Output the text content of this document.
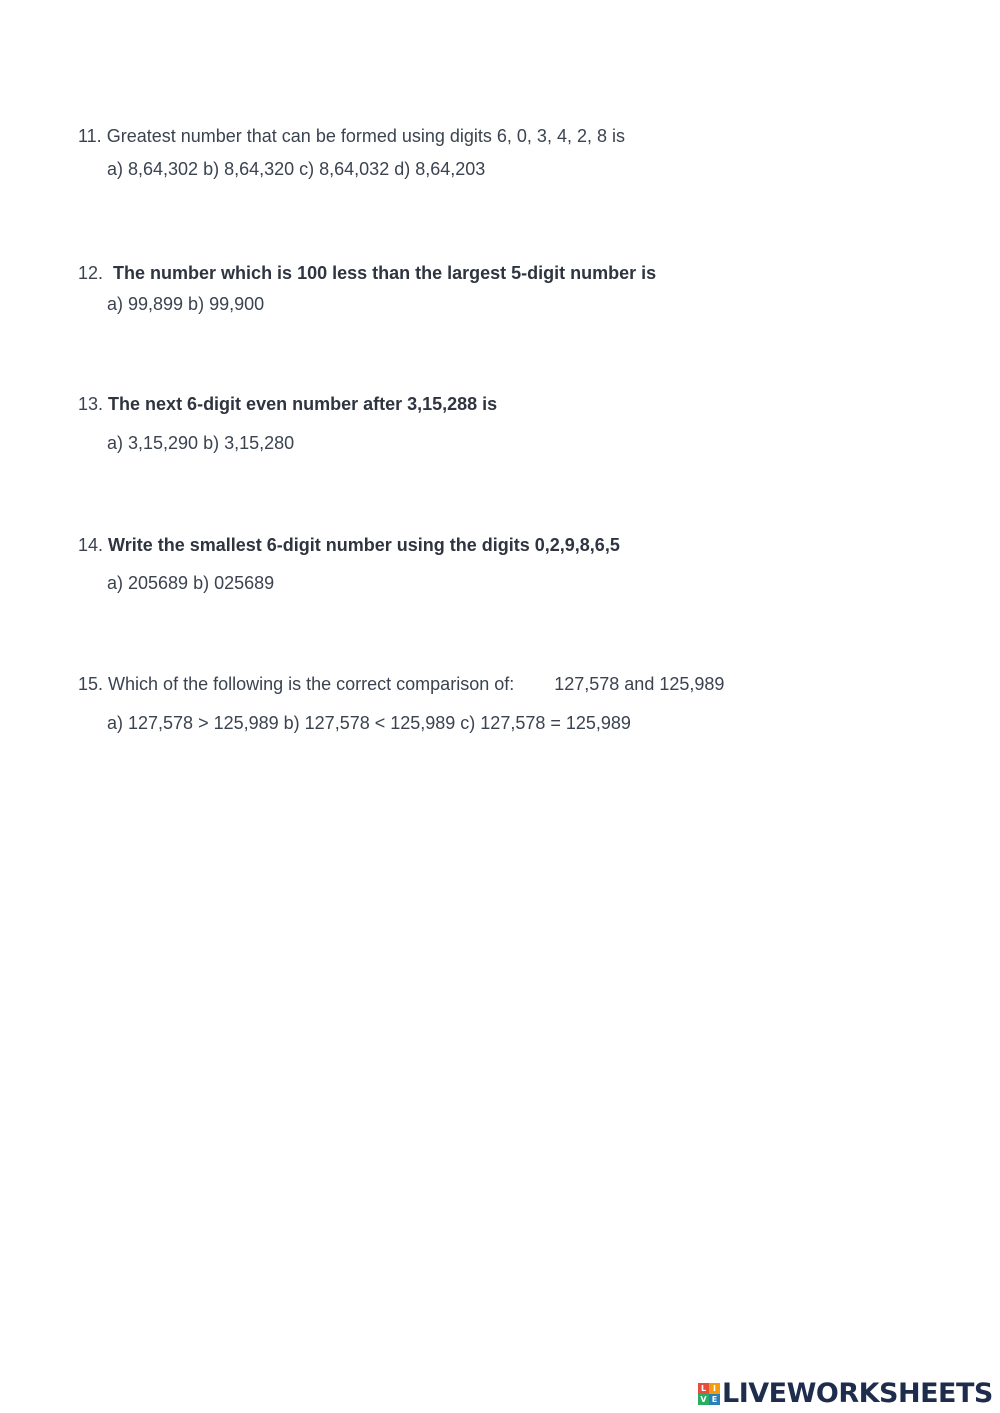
11. Greatest number that can be formed using digits 6, 0, 3, 4, 2, 8 is
a) 8,64,302 b) 8,64,320 c) 8,64,032 d) 8,64,203
12. The number which is 100 less than the largest 5-digit number is
a) 99,899 b) 99,900
13. The next 6-digit even number after 3,15,288 is
a) 3,15,290 b) 3,15,280
14. Write the smallest 6-digit number using the digits 0,2,9,8,6,5
a) 205689 b) 025689
15. Which of the following is the correct comparison of: 127,578 and 125,989
a) 127,578 > 125,989 b) 127,578 < 125,989 c) 127,578 = 125,989
L I
V E LIVEWORKSHEETS
